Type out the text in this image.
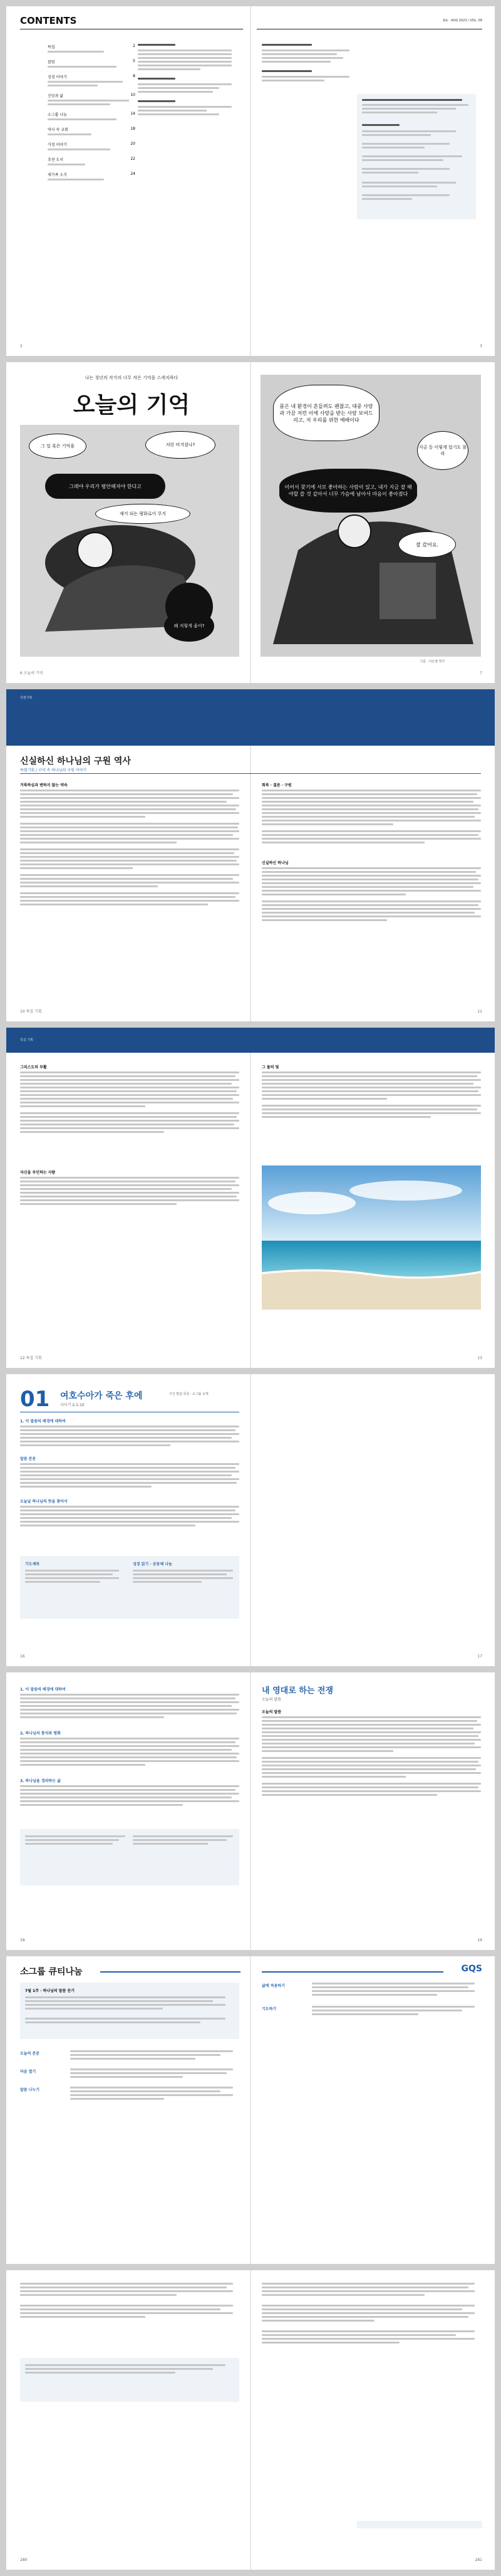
CONTENTS	JUL · AUG 2023 / VOL. 09
특집	2
칼럼	5
성경 이야기	8
신앙과 삶	10
소그룹 나눔	14
역사 속 교회	18
가정 이야기	20
추천 도서	22
새가족 소식	24
2	3
나는 청년의 작가의 너무 작은 기억을 스케치하다
오늘의 기억
그 일 혹은 기억을	저런 비겨셨나?
그래야 우리가 평안해져야 한다고
제거 되는 평화로이 무지
왜 저렇게 울어?
몸은 내 환경이 흔들려도 괜찮고, 대중 사랑과 가끔 저런 이에 사랑을 받는 사람 보여드리고, 저 우리를 위한 예배이다
지금 등 이렇게 있기도 몰라
이어서 찾기에 서로 좋아하는 사람이 있고, 내가 지금 잘 해야할 쓸 것 같아서 너무 가슴에 남아서 마음이 좋아졌다
잘 갔어요.
그림 · 이은정 작가
6 오늘의 기억	7
특별기획
신실하신 하나님의 구원 역사
특별기획 / 구약 속 하나님의 구원 이야기
거룩하심과 변하지 않는 약속	회복 · 결론 · 구원
신실하신 하나님
10 특집 기획	11
특집 기획
그리스도의 부활
자신을 부인하는 사람
그 물의 빛
12 특집 기획	13
01 여호수아가 죽은 후에
사사기 2:1-10
주간 말씀 묵상 · 소그룹 교재
1. 이 말씀의 배경에 대하여
말씀 본문
오늘날 하나님의 뜻을 찾아서
기도제목	성경 읽기 · 공동체 나눔
16	17
내 영대로 하는 전쟁
오늘의 말씀
1. 이 말씀의 배경에 대하여
2. 하나님의 통치와 평화
3. 하나님을 경외하는 삶
오늘의 말씀
18	19
소그룹 큐티나눔	GQS
7월 1주 · 하나님의 말씀 듣기
오늘의 본문
마음 열기
말씀 나누기
삶에 적용하기
기도하기
280	281
